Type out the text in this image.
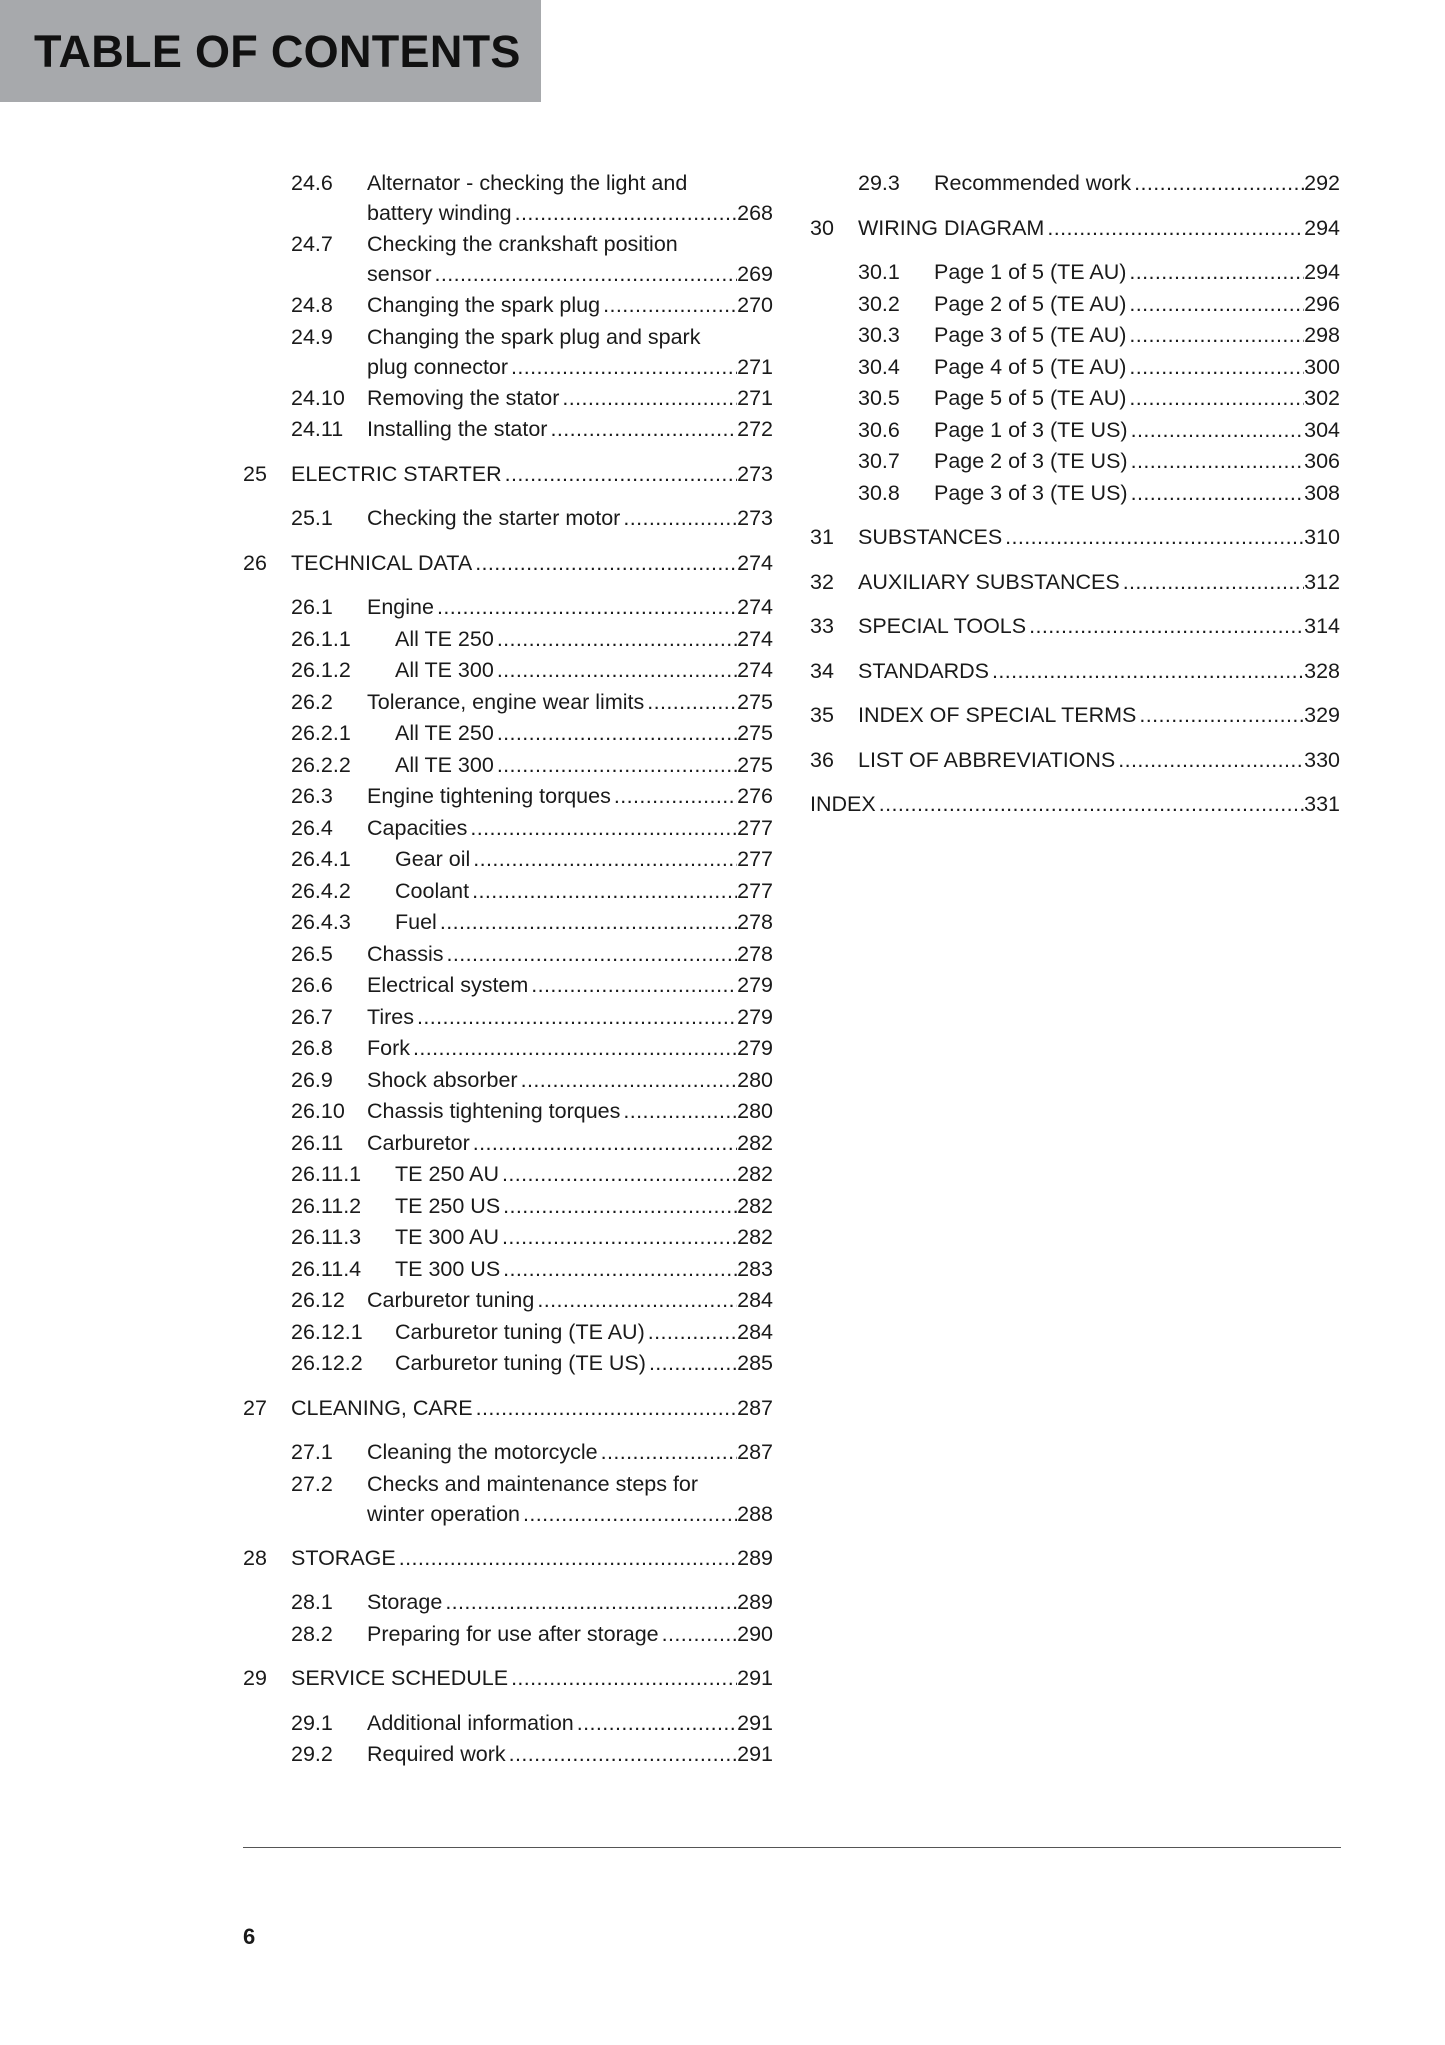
TABLE OF CONTENTS
24.6 Alternator - checking the light and
battery winding .....	268
24.7 Checking the crankshaft position
sensor .....	269
24.8 Changing the spark plug .....	270
24.9 Changing the spark plug and spark
plug connector .....	271
24.10 Removing the stator .....	271
24.11 Installing the stator .....	272
25 ELECTRIC STARTER .....	273
25.1 Checking the starter motor .....	273
26 TECHNICAL DATA .....	274
26.1 Engine .....	274
26.1.1 All TE 250 .....	274
26.1.2 All TE 300 .....	274
26.2 Tolerance, engine wear limits .....	275
26.2.1 All TE 250 .....	275
26.2.2 All TE 300 .....	275
26.3 Engine tightening torques .....	276
26.4 Capacities .....	277
26.4.1 Gear oil .....	277
26.4.2 Coolant .....	277
26.4.3 Fuel .....	278
26.5 Chassis .....	278
26.6 Electrical system .....	279
26.7 Tires .....	279
26.8 Fork .....	279
26.9 Shock absorber .....	280
26.10 Chassis tightening torques .....	280
26.11 Carburetor .....	282
26.11.1 TE 250 AU .....	282
26.11.2 TE 250 US .....	282
26.11.3 TE 300 AU .....	282
26.11.4 TE 300 US .....	283
26.12 Carburetor tuning .....	284
26.12.1 Carburetor tuning (TE AU) .....	284
26.12.2 Carburetor tuning (TE US) .....	285
27 CLEANING, CARE .....	287
27.1 Cleaning the motorcycle .....	287
27.2 Checks and maintenance steps for
winter operation .....	288
28 STORAGE .....	289
28.1 Storage .....	289
28.2 Preparing for use after storage .....	290
29 SERVICE SCHEDULE .....	291
29.1 Additional information .....	291
29.2 Required work .....	291
29.3 Recommended work .....	292
30 WIRING DIAGRAM .....	294
30.1 Page 1 of 5 (TE AU) .....	294
30.2 Page 2 of 5 (TE AU) .....	296
30.3 Page 3 of 5 (TE AU) .....	298
30.4 Page 4 of 5 (TE AU) .....	300
30.5 Page 5 of 5 (TE AU) .....	302
30.6 Page 1 of 3 (TE US) .....	304
30.7 Page 2 of 3 (TE US) .....	306
30.8 Page 3 of 3 (TE US) .....	308
31 SUBSTANCES .....	310
32 AUXILIARY SUBSTANCES .....	312
33 SPECIAL TOOLS .....	314
34 STANDARDS .....	328
35 INDEX OF SPECIAL TERMS .....	329
36 LIST OF ABBREVIATIONS .....	330
INDEX .....	331
6
